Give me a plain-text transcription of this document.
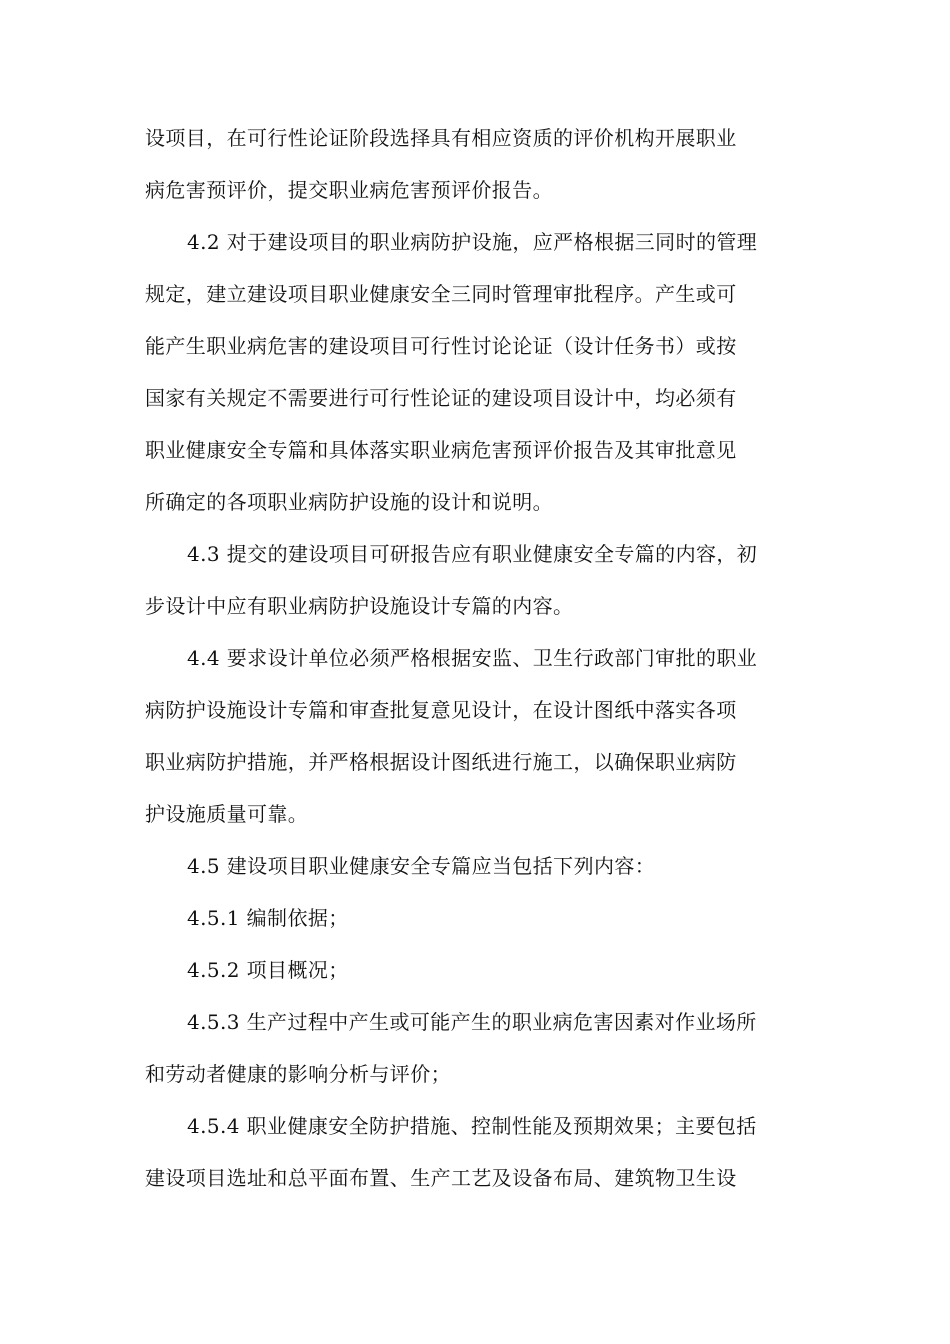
设项目，在可行性论证阶段选择具有相应资质的评价机构开展职业
病危害预评价，提交职业病危害预评价报告。
4.2 对于建设项目的职业病防护设施，应严格根据三同时的管理
规定，建立建设项目职业健康安全三同时管理审批程序。产生或可
能产生职业病危害的建设项目可行性讨论论证（设计任务书）或按
国家有关规定不需要进行可行性论证的建设项目设计中，均必须有
职业健康安全专篇和具体落实职业病危害预评价报告及其审批意见
所确定的各项职业病防护设施的设计和说明。
4.3 提交的建设项目可研报告应有职业健康安全专篇的内容，初
步设计中应有职业病防护设施设计专篇的内容。
4.4 要求设计单位必须严格根据安监、卫生行政部门审批的职业
病防护设施设计专篇和审查批复意见设计，在设计图纸中落实各项
职业病防护措施，并严格根据设计图纸进行施工，以确保职业病防
护设施质量可靠。
4.5 建设项目职业健康安全专篇应当包括下列内容：
4.5.1 编制依据；
4.5.2 项目概况；
4.5.3 生产过程中产生或可能产生的职业病危害因素对作业场所
和劳动者健康的影响分析与评价；
4.5.4 职业健康安全防护措施、控制性能及预期效果；主要包括
建设项目选址和总平面布置、生产工艺及设备布局、建筑物卫生设
